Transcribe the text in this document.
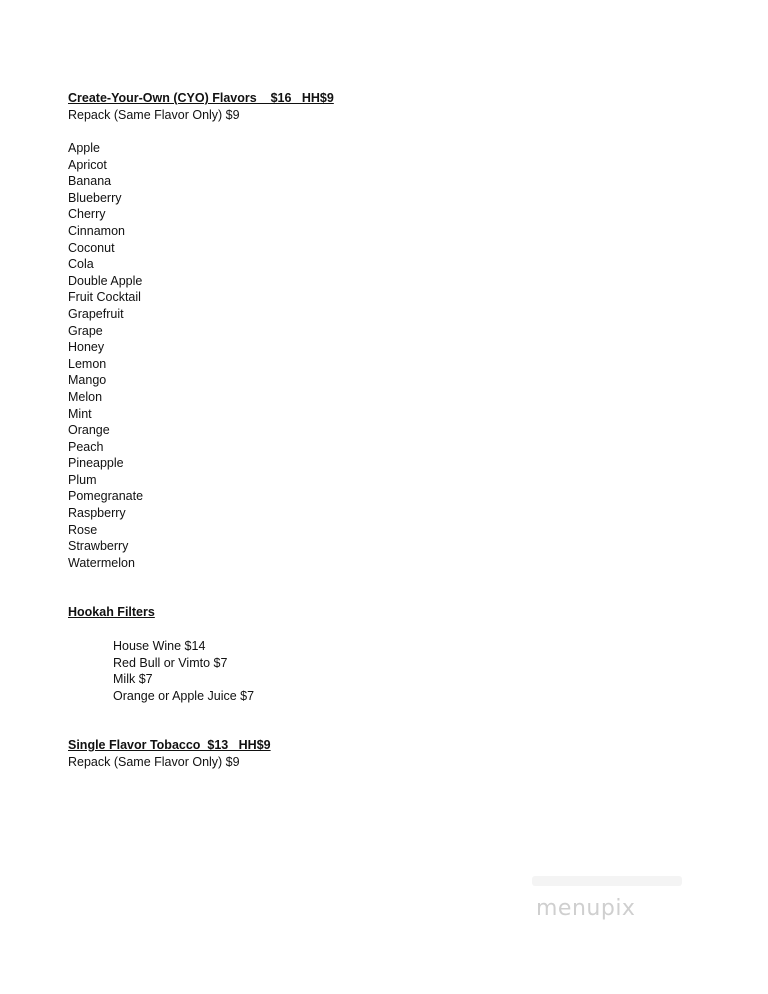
Create-Your-Own (CYO) Flavors    $16   HH$9
Repack (Same Flavor Only) $9
Apple
Apricot
Banana
Blueberry
Cherry
Cinnamon
Coconut
Cola
Double Apple
Fruit Cocktail
Grapefruit
Grape
Honey
Lemon
Mango
Melon
Mint
Orange
Peach
Pineapple
Plum
Pomegranate
Raspberry
Rose
Strawberry
Watermelon
Hookah Filters
House Wine $14
Red Bull or Vimto $7
Milk $7
Orange or Apple Juice $7
Single Flavor Tobacco  $13   HH$9
Repack (Same Flavor Only) $9
menupix
